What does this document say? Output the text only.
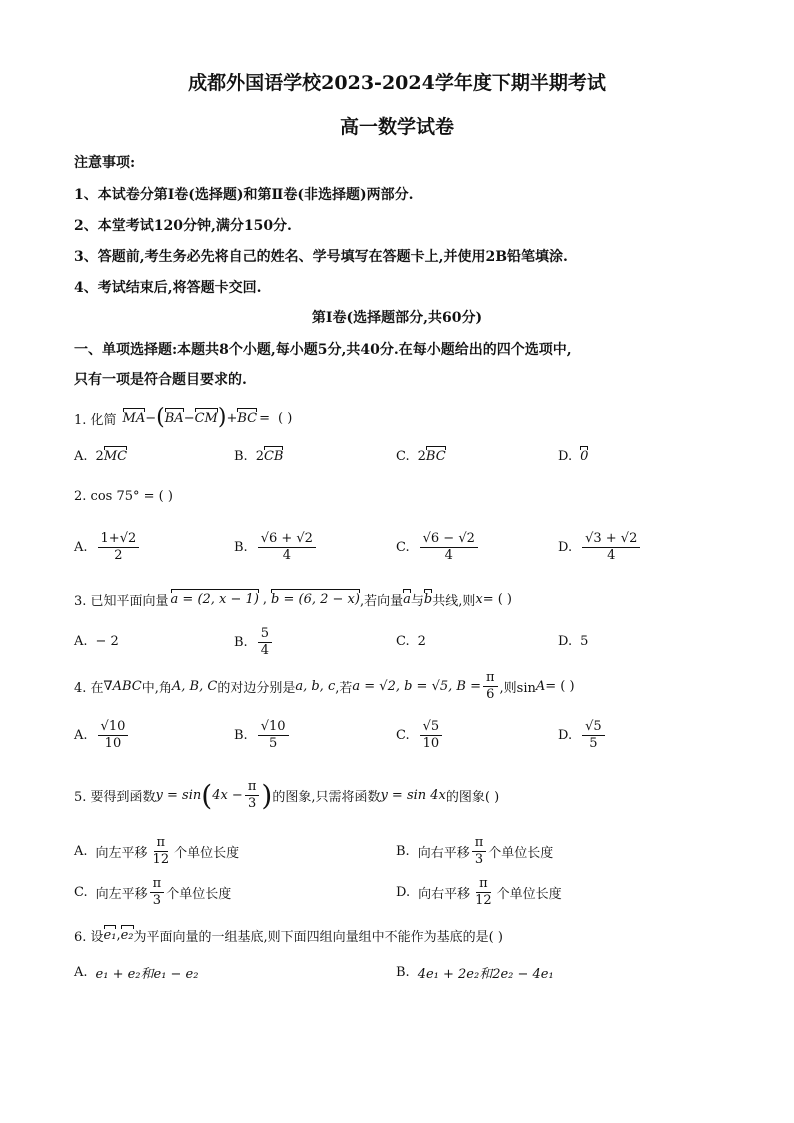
成都外国语学校2023-2024学年度下期半期考试
高一数学试卷
注意事项:
1、本试卷分第Ⅰ卷(选择题)和第Ⅱ卷(非选择题)两部分.
2、本堂考试120分钟,满分150分.
3、答题前,考生务必先将自己的姓名、学号填写在答题卡上,并使用2B铅笔填涂.
4、考试结束后,将答题卡交回.
第Ⅰ卷(选择题部分,共60分)
一、单项选择题:本题共8个小题,每小题5分,共40分.在每小题给出的四个选项中,
只有一项是符合题目要求的.
1. 化简 MA − ( BA − CM ) + BC = ( )
A. 2 MC	B. 2 CB	C. 2 BC	D. 0
2. cos 75° = ( )
A. $\frac{1+√2}{2}$	B. $\frac{√6 + √2}{4}$	C. $\frac{√6 - √2}{4}$	D. $\frac{√3 + √2}{4}$
3. 已知平面向量 a = (2, x − 1) , b = (6, 2 − x) ,若向量 a 与 b 共线,则 x = ( )
A. − 2	B. $\frac{5}{4}$	C. 2	D. 5
4. 在 ∇ABC 中,角 A, B, C 的对边分别是 a, b, c ,若 a = √2, b = √5, $B = \frac{\pi}{6}$ ,则sin A = ( )
A. $\frac{√10}{10}$	B. $\frac{√10}{5}$	C. $\frac{√5}{10}$	D. $\frac{√5}{5}$
5. 要得到函数 y = sin ( $4x - \frac{\pi}{3}$ ) 的图象,只需将函数 y = sin 4x 的图象( )
A. 向左平移 $\frac{\pi}{12}$ 个单位长度	B. 向右平移 $\frac{\pi}{3}$ 个单位长度
C. 向左平移 $\frac{\pi}{3}$ 个单位长度	D. 向右平移 $\frac{\pi}{12}$ 个单位长度
6. 设 e₁ , e₂ 为平面向量的一组基底,则下面四组向量组中不能作为基底的是( )
A. e₁ + e₂和e₁ − e₂	B. 4e₁ + 2e₂和2e₂ − 4e₁
